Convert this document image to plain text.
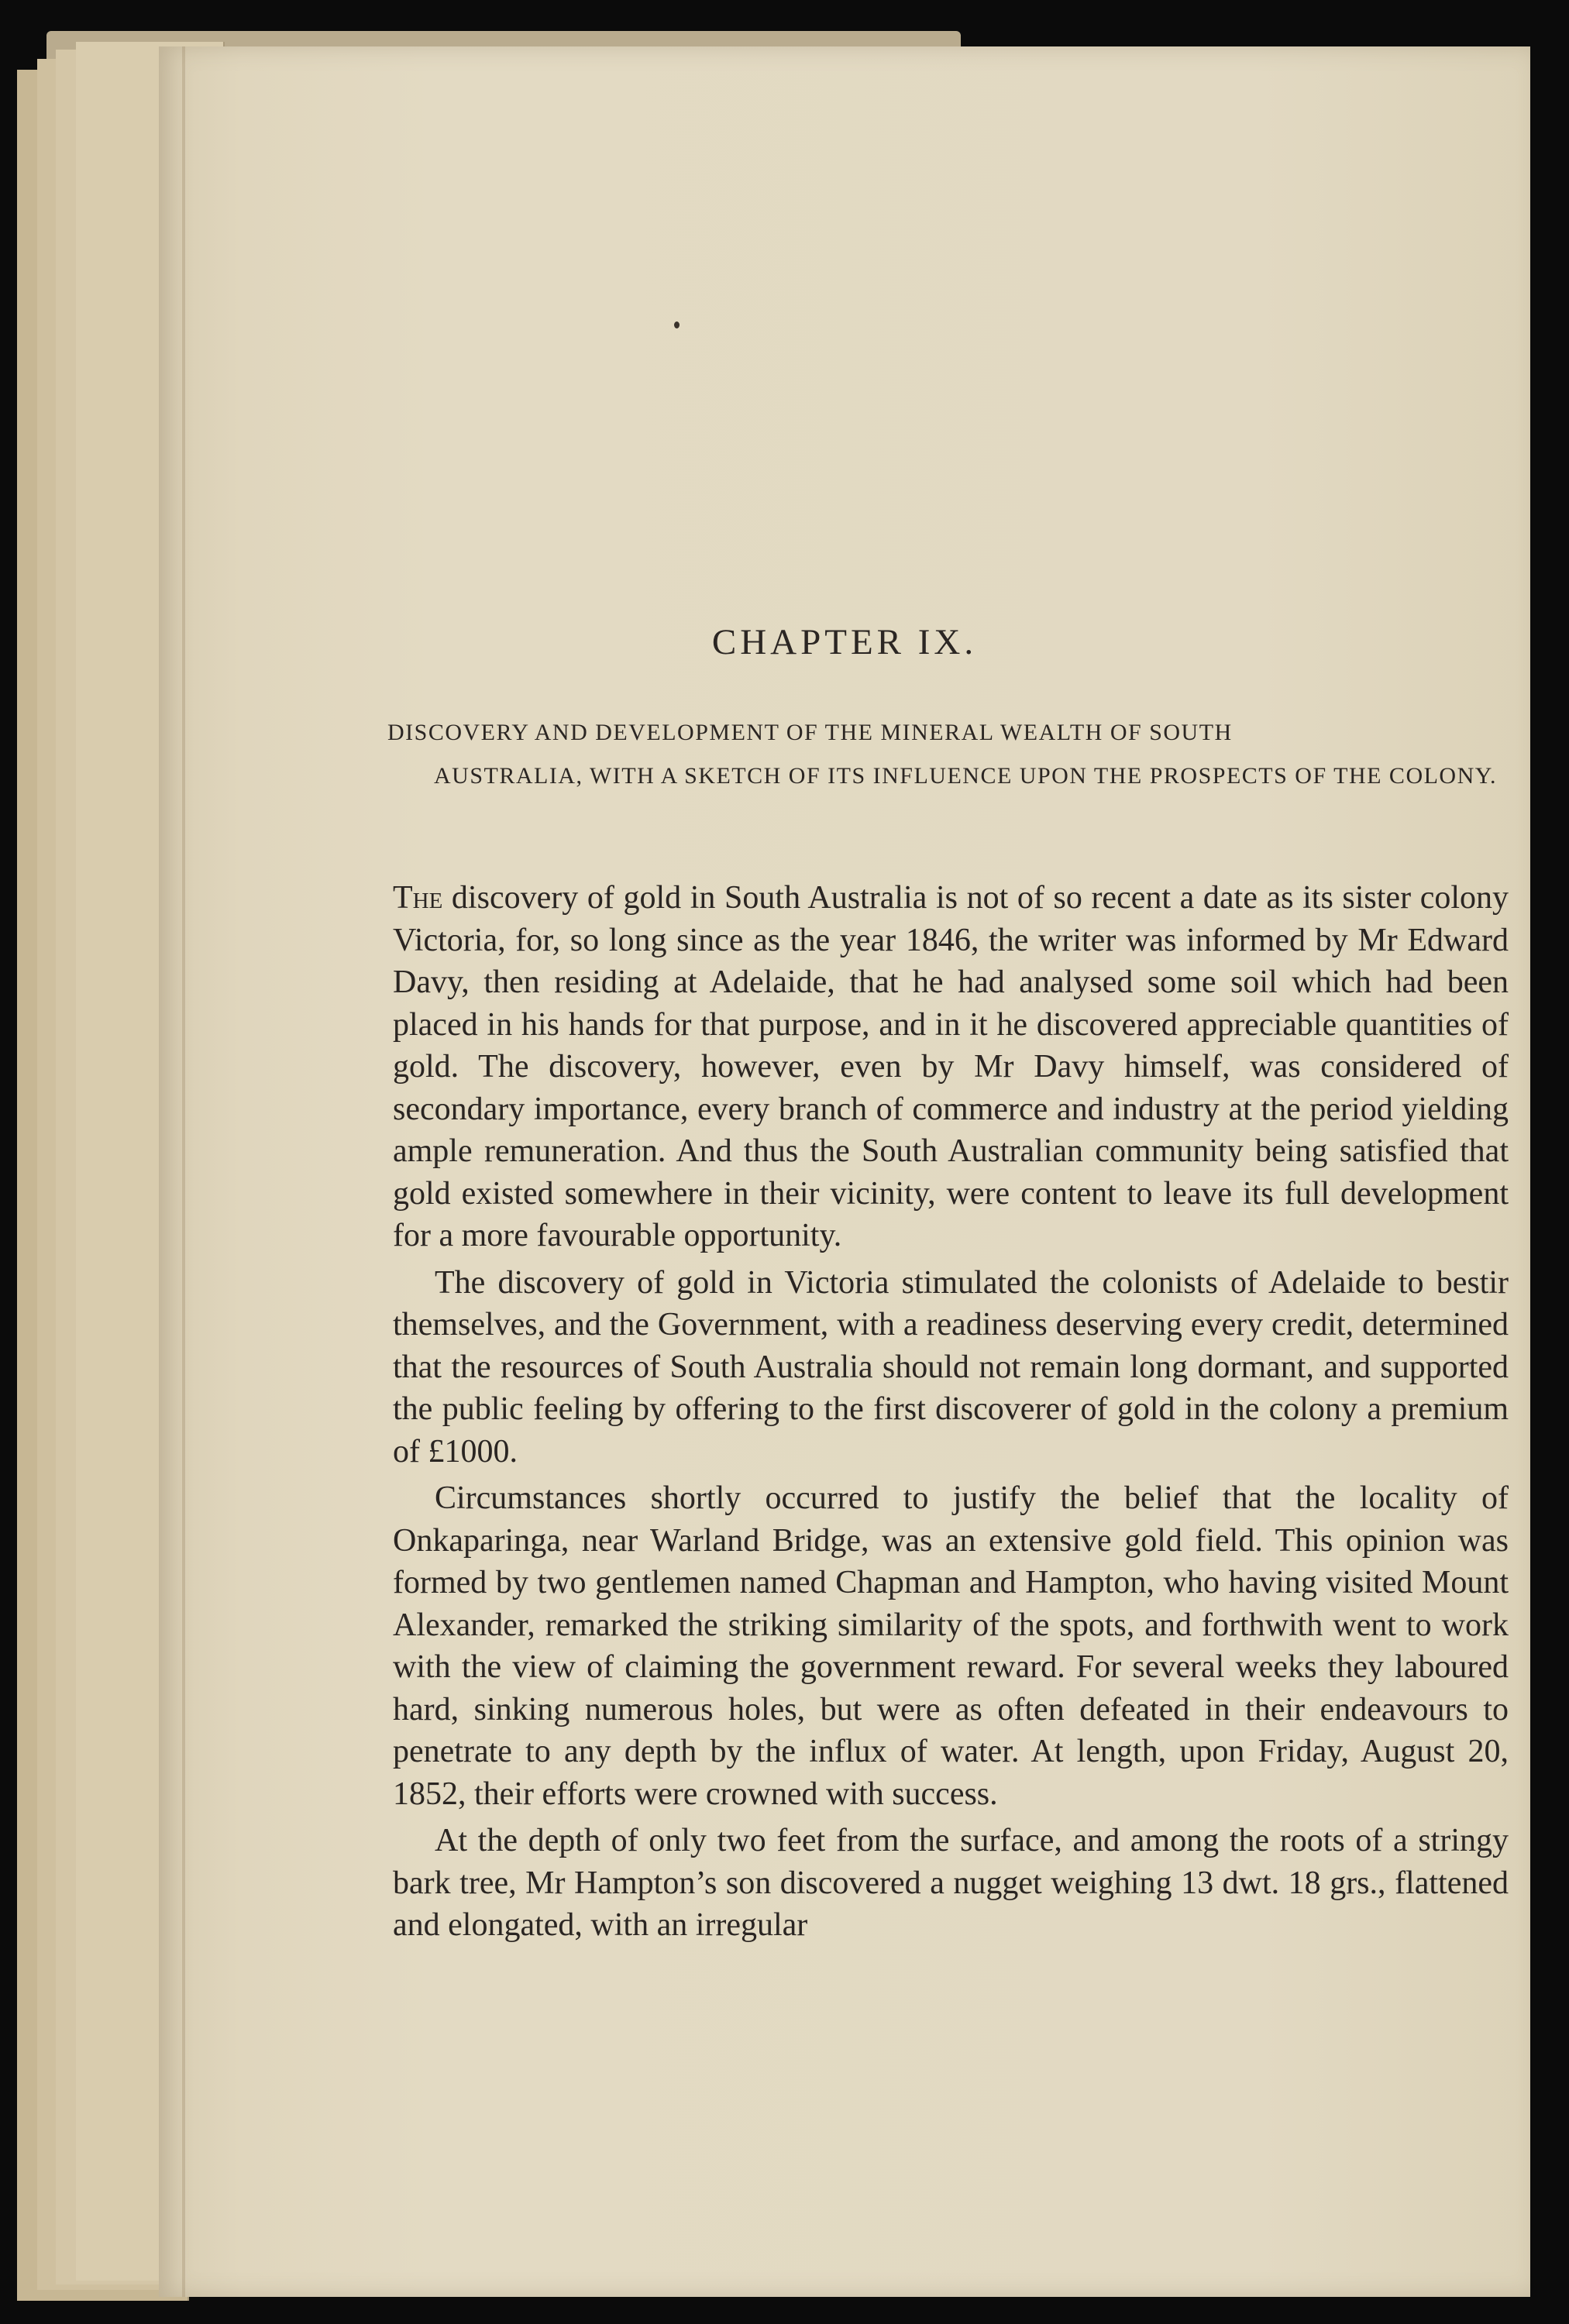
CHAPTER IX.
DISCOVERY AND DEVELOPMENT OF THE MINERAL WEALTH OF SOUTH
AUSTRALIA, WITH A SKETCH OF ITS INFLUENCE UPON THE PROSPECTS OF THE COLONY.

The discovery of gold in South Australia is not of so recent a date as its sister colony Victoria, for, so long since as the year 1846, the writer was informed by Mr Edward Davy, then residing at Adelaide, that he had analysed some soil which had been placed in his hands for that purpose, and in it he discovered appreciable quantities of gold. The discovery, however, even by Mr Davy himself, was considered of secondary importance, every branch of commerce and industry at the period yielding ample remuneration. And thus the South Australian community being satisfied that gold existed somewhere in their vicinity, were content to leave its full development for a more favourable opportunity.

The discovery of gold in Victoria stimulated the colonists of Adelaide to bestir themselves, and the Government, with a readiness deserving every credit, determined that the resources of South Australia should not remain long dormant, and supported the public feeling by offering to the first discoverer of gold in the colony a premium of £1000.

Circumstances shortly occurred to justify the belief that the locality of Onkaparinga, near Warland Bridge, was an extensive gold field. This opinion was formed by two gentlemen named Chapman and Hampton, who having visited Mount Alexander, remarked the striking similarity of the spots, and forthwith went to work with the view of claiming the government reward. For several weeks they laboured hard, sinking numerous holes, but were as often defeated in their endeavours to penetrate to any depth by the influx of water. At length, upon Friday, August 20, 1852, their efforts were crowned with success.

At the depth of only two feet from the surface, and among the roots of a stringy bark tree, Mr Hampton’s son discovered a nugget weighing 13 dwt. 18 grs., flattened and elongated, with an irregular
